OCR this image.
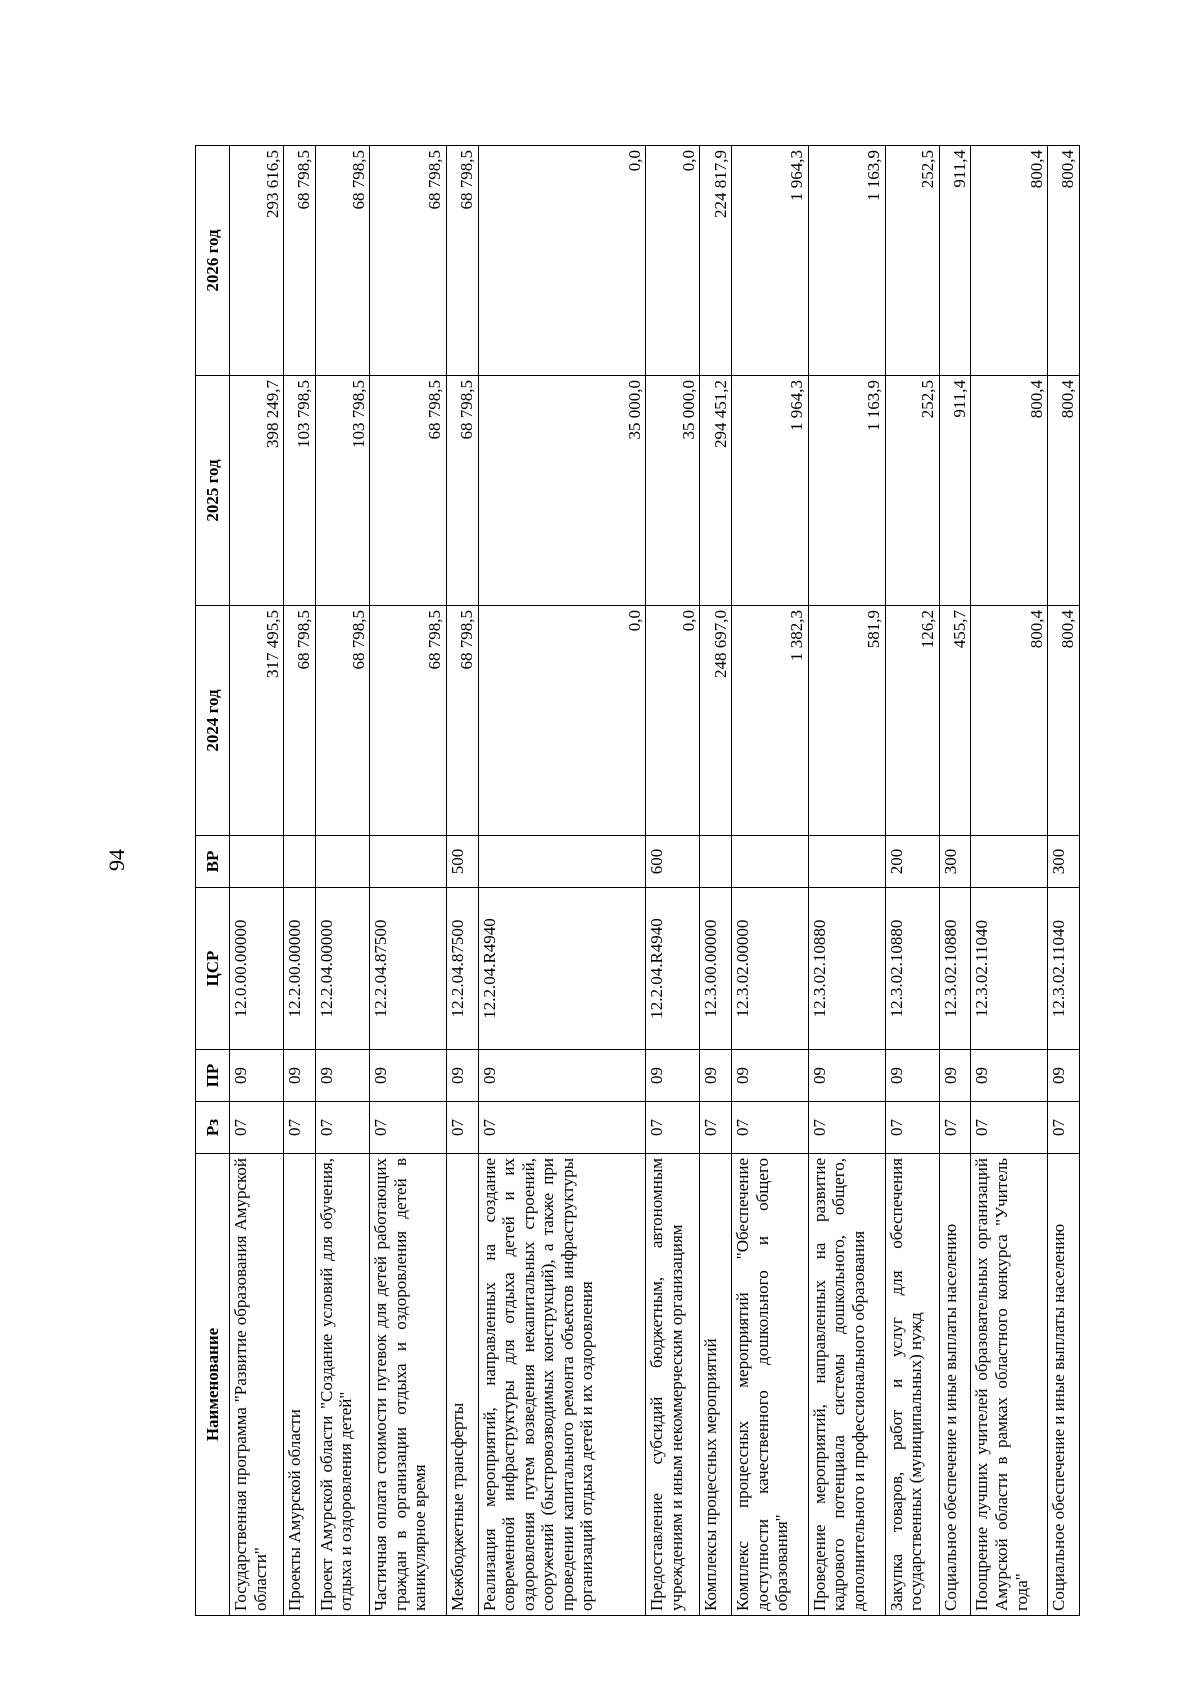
94
Наименование	Рз	ПР	ЦСР	ВР	2024 год	2025 год	2026 год
Государственная программа "Развитие образования Амурской области"	07	09	12.0.00.00000		317 495,5	398 249,7	293 616,5
Проекты Амурской области	07	09	12.2.00.00000		68 798,5	103 798,5	68 798,5
Проект Амурской области "Создание условий для обучения, отдыха и оздоровления детей"	07	09	12.2.04.00000		68 798,5	103 798,5	68 798,5
Частичная оплата стоимости путевок для детей работающих граждан в организации отдыха и оздоровления детей в каникулярное время	07	09	12.2.04.87500		68 798,5	68 798,5	68 798,5
Межбюджетные трансферты	07	09	12.2.04.87500	500	68 798,5	68 798,5	68 798,5
Реализация мероприятий, направленных на создание современной инфраструктуры для отдыха детей и их оздоровления путем возведения некапитальных строений, сооружений (быстровозводимых конструкций), а также при проведении капитального ремонта объектов инфраструктуры организаций отдыха детей и их оздоровления	07	09	12.2.04.R4940		0,0	35 000,0	0,0
Предоставление субсидий бюджетным, автономным учреждениям и иным некоммерческим организациям	07	09	12.2.04.R4940	600	0,0	35 000,0	0,0
Комплексы процессных мероприятий	07	09	12.3.00.00000		248 697,0	294 451,2	224 817,9
Комплекс процессных мероприятий "Обеспечение доступности качественного дошкольного и общего образования"	07	09	12.3.02.00000		1 382,3	1 964,3	1 964,3
Проведение мероприятий, направленных на развитие кадрового потенциала системы дошкольного, общего, дополнительного и профессионального образования	07	09	12.3.02.10880		581,9	1 163,9	1 163,9
Закупка товаров, работ и услуг для обеспечения государственных (муниципальных) нужд	07	09	12.3.02.10880	200	126,2	252,5	252,5
Социальное обеспечение и иные выплаты населению	07	09	12.3.02.10880	300	455,7	911,4	911,4
Поощрение лучших учителей образовательных организаций Амурской области в рамках областного конкурса "Учитель года"	07	09	12.3.02.11040		800,4	800,4	800,4
Социальное обеспечение и иные выплаты населению	07	09	12.3.02.11040	300	800,4	800,4	800,4
